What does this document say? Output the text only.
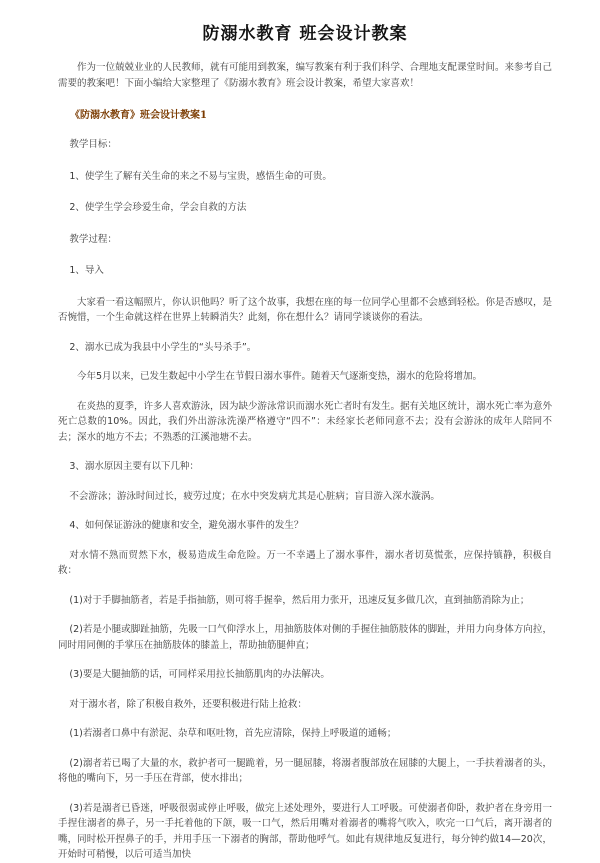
防溺水教育 班会设计教案
作为一位兢兢业业的人民教师，就有可能用到教案，编写教案有利于我们科学、合理地支配课堂时间。来参考自己需要的教案吧！下面小编给大家整理了《防溺水教育》班会设计教案，希望大家喜欢！
《防溺水教育》班会设计教案1
教学目标：
1、使学生了解有关生命的来之不易与宝贵，感悟生命的可贵。
2、使学生学会珍爱生命，学会自救的方法
教学过程：
1、导入
大家看一看这幅照片，你认识他吗？听了这个故事，我想在座的每一位同学心里都不会感到轻松。你是否感叹，是否惋惜，一个生命就这样在世界上转瞬消失？此刻，你在想什么？请同学谈谈你的看法。
2、溺水已成为我县中小学生的“头号杀手”。
今年5月以来，已发生数起中小学生在节假日溺水事件。随着天气逐渐变热，溺水的危险将增加。
在炎热的夏季，许多人喜欢游泳，因为缺少游泳常识而溺水死亡者时有发生。据有关地区统计，溺水死亡率为意外死亡总数的10%。因此，我们外出游泳洗澡严格遵守“四不”：未经家长老师同意不去；没有会游泳的成年人陪同不去；深水的地方不去；不熟悉的江溪池塘不去。
3、溺水原因主要有以下几种：
不会游泳；游泳时间过长，疲劳过度；在水中突发病尤其是心脏病；盲目游入深水漩涡。
4、如何保证游泳的健康和安全，避免溺水事件的发生？
对水情不熟而贸然下水，极易造成生命危险。万一不幸遇上了溺水事件，溺水者切莫慌张，应保持镇静，积极自救：
(1)对于手脚抽筋者，若是手指抽筋，则可将手握拳，然后用力张开，迅速反复多做几次，直到抽筋消除为止；
(2)若是小腿或脚趾抽筋，先吸一口气仰浮水上，用抽筋肢体对侧的手握住抽筋肢体的脚趾，并用力向身体方向拉，同时用同侧的手掌压在抽筋肢体的膝盖上，帮助抽筋腿伸直；
(3)要是大腿抽筋的话，可同样采用拉长抽筋肌肉的办法解决。
对于溺水者，除了积极自救外，还要积极进行陆上抢救：
(1)若溺者口鼻中有淤泥、杂草和呕吐物，首先应清除，保持上呼吸道的通畅；
(2)溺者若已喝了大量的水，救护者可一腿跪着，另一腿屈膝，将溺者腹部放在屈膝的大腿上，一手扶着溺者的头，将他的嘴向下，另一手压在背部，使水排出；
(3)若是溺者已昏迷，呼吸很弱或停止呼吸，做完上述处理外，要进行人工呼吸。可使溺者仰卧，救护者在身旁用一手捏住溺者的鼻子，另一手托着他的下颌，吸一口气，然后用嘴对着溺者的嘴将气吹入，吹完一口气后，离开溺者的嘴，同时松开捏鼻子的手，并用手压一下溺者的胸部，帮助他呼气。如此有规律地反复进行，每分钟约做14—20次，开始时可稍慢，以后可适当加快
